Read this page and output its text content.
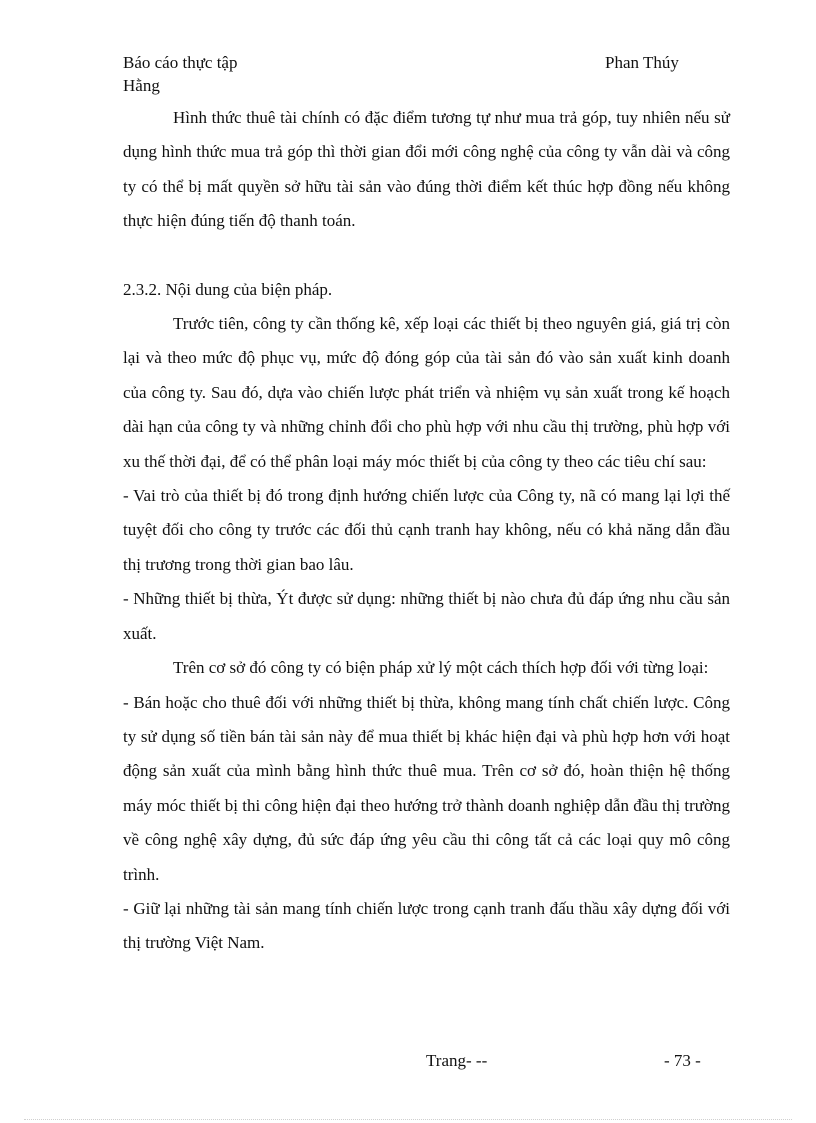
Báo cáo thực tập	Phan Thúy
Hằng

Hình thức thuê tài chính có đặc điểm tương tự như mua trả góp, tuy nhiên nếu sử dụng hình thức mua trả góp thì thời gian đổi mới công nghệ của công ty vẫn dài và công ty có thể bị mất quyền sở hữu tài sản vào đúng thời điểm kết thúc hợp đồng nếu không thực hiện đúng tiến độ thanh toán.

2.3.2. Nội dung của biện pháp.

Trước tiên, công ty cần thống kê, xếp loại các thiết bị theo nguyên giá, giá trị còn lại và theo mức độ phục vụ, mức độ đóng góp của tài sản đó vào sản xuất kinh doanh của công ty. Sau đó, dựa vào chiến lược phát triển và nhiệm vụ sản xuất trong kế hoạch dài hạn của công ty và những chỉnh đổi cho phù hợp với nhu cầu thị trường, phù hợp với xu thế thời đại, để có thể phân loại máy móc thiết bị của công ty theo các tiêu chí sau:

- Vai trò của thiết bị đó trong định hướng chiến lược của Công ty, nã có mang lại lợi thế tuyệt đối cho công ty trước các đối thủ cạnh tranh hay không, nếu có khả năng dẫn đầu thị trương trong thời gian bao lâu.

- Những thiết bị thừa, Ýt được sử dụng: những thiết bị nào chưa đủ đáp ứng nhu cầu sản xuất.

Trên cơ sở đó công ty có biện pháp xử lý một cách thích hợp đối với từng loại:

- Bán hoặc cho thuê đối với những thiết bị thừa, không mang tính chất chiến lược. Công ty sử dụng số tiền bán tài sản này để mua thiết bị khác hiện đại và phù hợp hơn với hoạt động sản xuất của mình bằng hình thức thuê mua. Trên cơ sở đó, hoàn thiện hệ thống máy móc thiết bị thi công hiện đại theo hướng trở thành doanh nghiệp dẫn đầu thị trường về công nghệ xây dựng, đủ sức đáp ứng yêu cầu thi công tất cả các loại quy mô công trình.

- Giữ lại những tài sản mang tính chiến lược trong cạnh tranh đấu thầu xây dựng đối với thị trường Việt Nam.

Trang- --	- 73 -
